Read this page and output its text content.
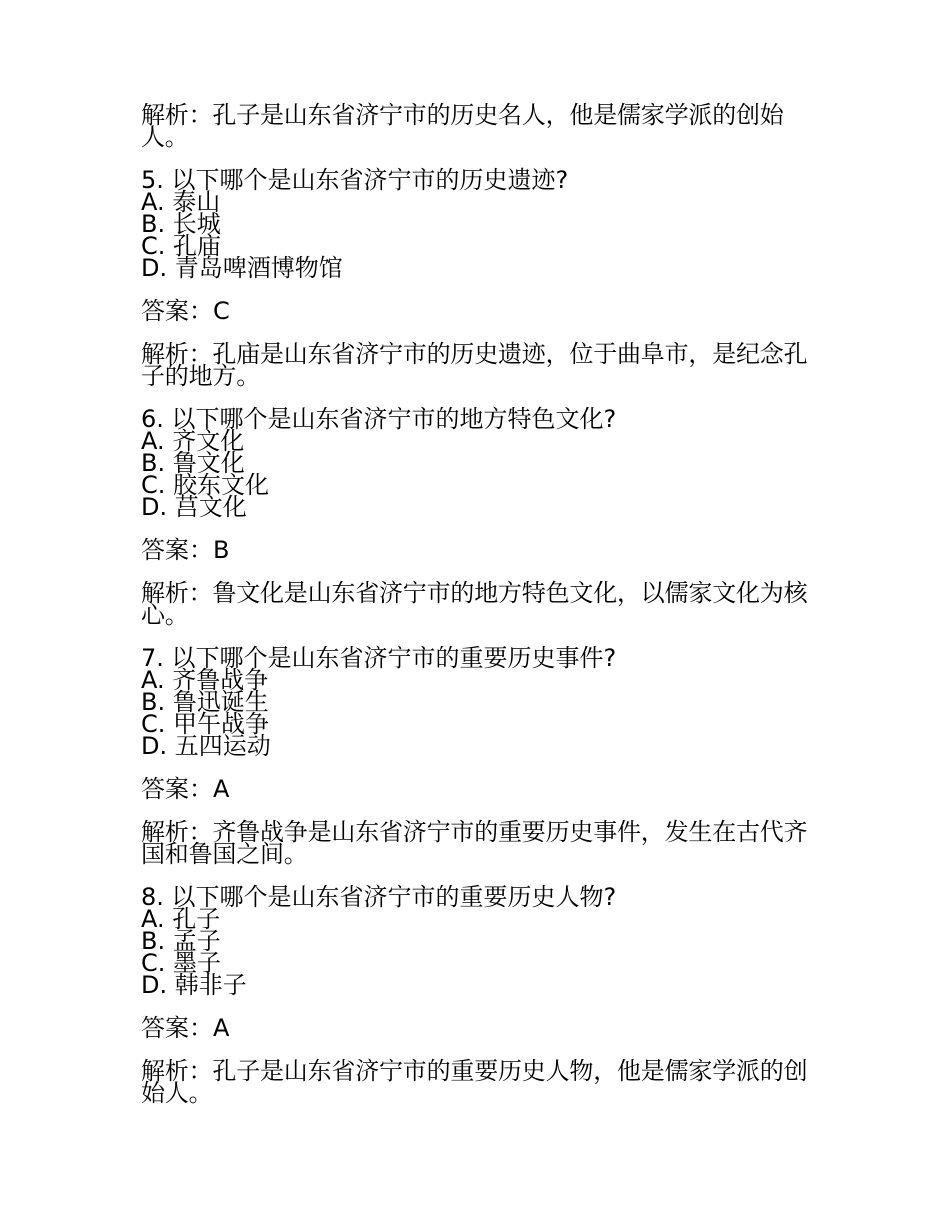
解析：孔子是山东省济宁市的历史名人，他是儒家学派的创始人。

5. 以下哪个是山东省济宁市的历史遗迹?
A. 泰山
B. 长城
C. 孔庙
D. 青岛啤酒博物馆

答案：C

解析：孔庙是山东省济宁市的历史遗迹，位于曲阜市，是纪念孔子的地方。

6. 以下哪个是山东省济宁市的地方特色文化?
A. 齐文化
B. 鲁文化
C. 胶东文化
D. 莒文化

答案：B

解析：鲁文化是山东省济宁市的地方特色文化，以儒家文化为核心。

7. 以下哪个是山东省济宁市的重要历史事件?
A. 齐鲁战争
B. 鲁迅诞生
C. 甲午战争
D. 五四运动

答案：A

解析：齐鲁战争是山东省济宁市的重要历史事件，发生在古代齐国和鲁国之间。

8. 以下哪个是山东省济宁市的重要历史人物?
A. 孔子
B. 孟子
C. 墨子
D. 韩非子

答案：A

解析：孔子是山东省济宁市的重要历史人物，他是儒家学派的创始人。
